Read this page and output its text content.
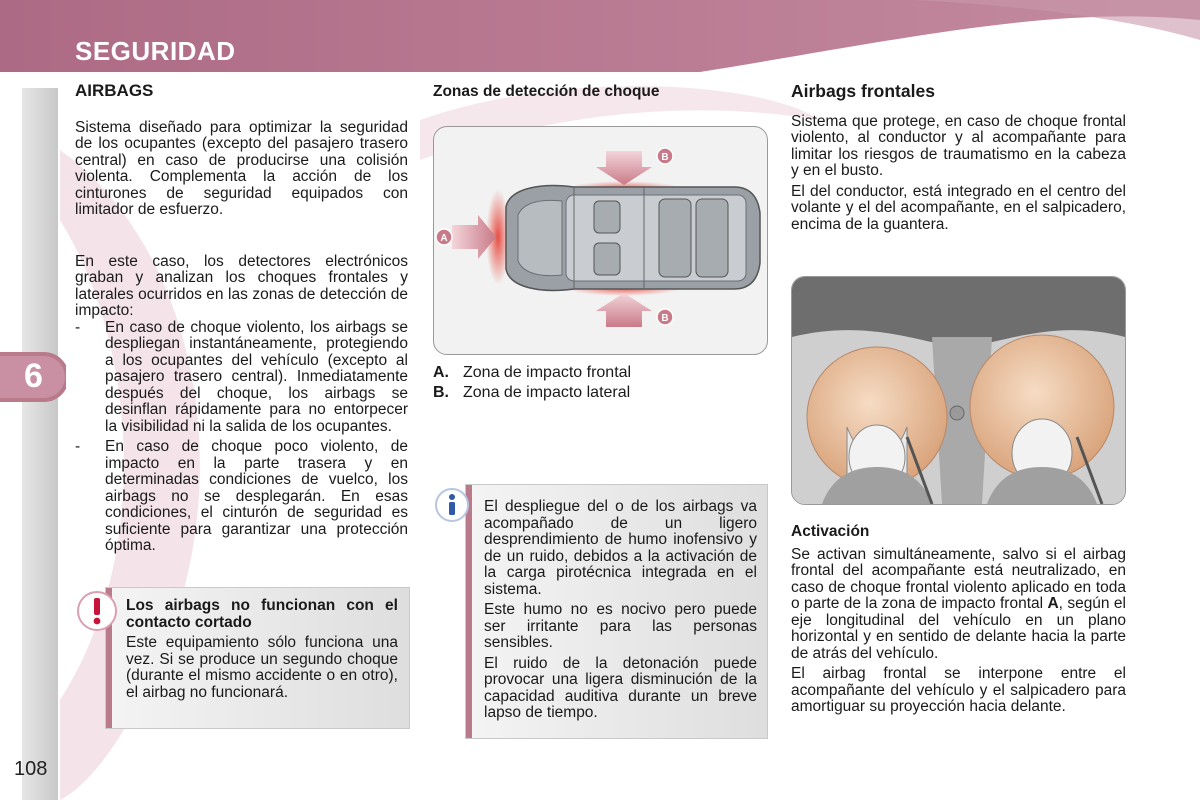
SEGURIDAD
6
AIRBAGS

Sistema diseñado para optimizar la seguridad de los ocupantes (excepto del pasajero trasero central) en caso de producirse una colisión violenta. Complementa la acción de los cinturones de seguridad equipados con limitador de esfuerzo.

En este caso, los detectores electrónicos graban y analizan los choques frontales y laterales ocurridos en las zonas de detección de impacto:

- En caso de choque violento, los airbags se despliegan instantáneamente, protegiendo a los ocupantes del vehículo (excepto al pasajero trasero central). Inmediatamente después del choque, los airbags se desinflan rápidamente para no entorpecer la visibilidad ni la salida de los ocupantes.
- En caso de choque poco violento, de impacto en la parte trasera y en determinadas condiciones de vuelco, los airbags no se desplegarán. En esas condiciones, el cinturón de seguridad es suficiente para garantizar una protección óptima.
Los airbags no funcionan con el contacto cortado
Este equipamiento sólo funciona una vez. Si se produce un segundo choque (durante el mismo accidente o en otro), el airbag no funcionará.
Zonas de detección de choque
A
B
B
A. Zona de impacto frontal
B. Zona de impacto lateral

El despliegue del o de los airbags va acompañado de un ligero desprendimiento de humo inofensivo y de un ruido, debidos a la activación de la carga pirotécnica integrada en el sistema.

Este humo no es nocivo pero puede ser irritante para las personas sensibles.

El ruido de la detonación puede provocar una ligera disminución de la capacidad auditiva durante un breve lapso de tiempo.

Airbags frontales

Sistema que protege, en caso de choque frontal violento, al conductor y al acompañante para limitar los riesgos de traumatismo en la cabeza y en el busto.

El del conductor, está integrado en el centro del volante y el del acompañante, en el salpicadero, encima de la guantera.

Activación

Se activan simultáneamente, salvo si el airbag frontal del acompañante está neutralizado, en caso de choque frontal violento aplicado en toda o parte de la zona de impacto frontal A, según el eje longitudinal del vehículo en un plano horizontal y en sentido de delante hacia la parte de atrás del vehículo.

El airbag frontal se interpone entre el acompañante del vehículo y el salpicadero para amortiguar su proyección hacia delante.

108
